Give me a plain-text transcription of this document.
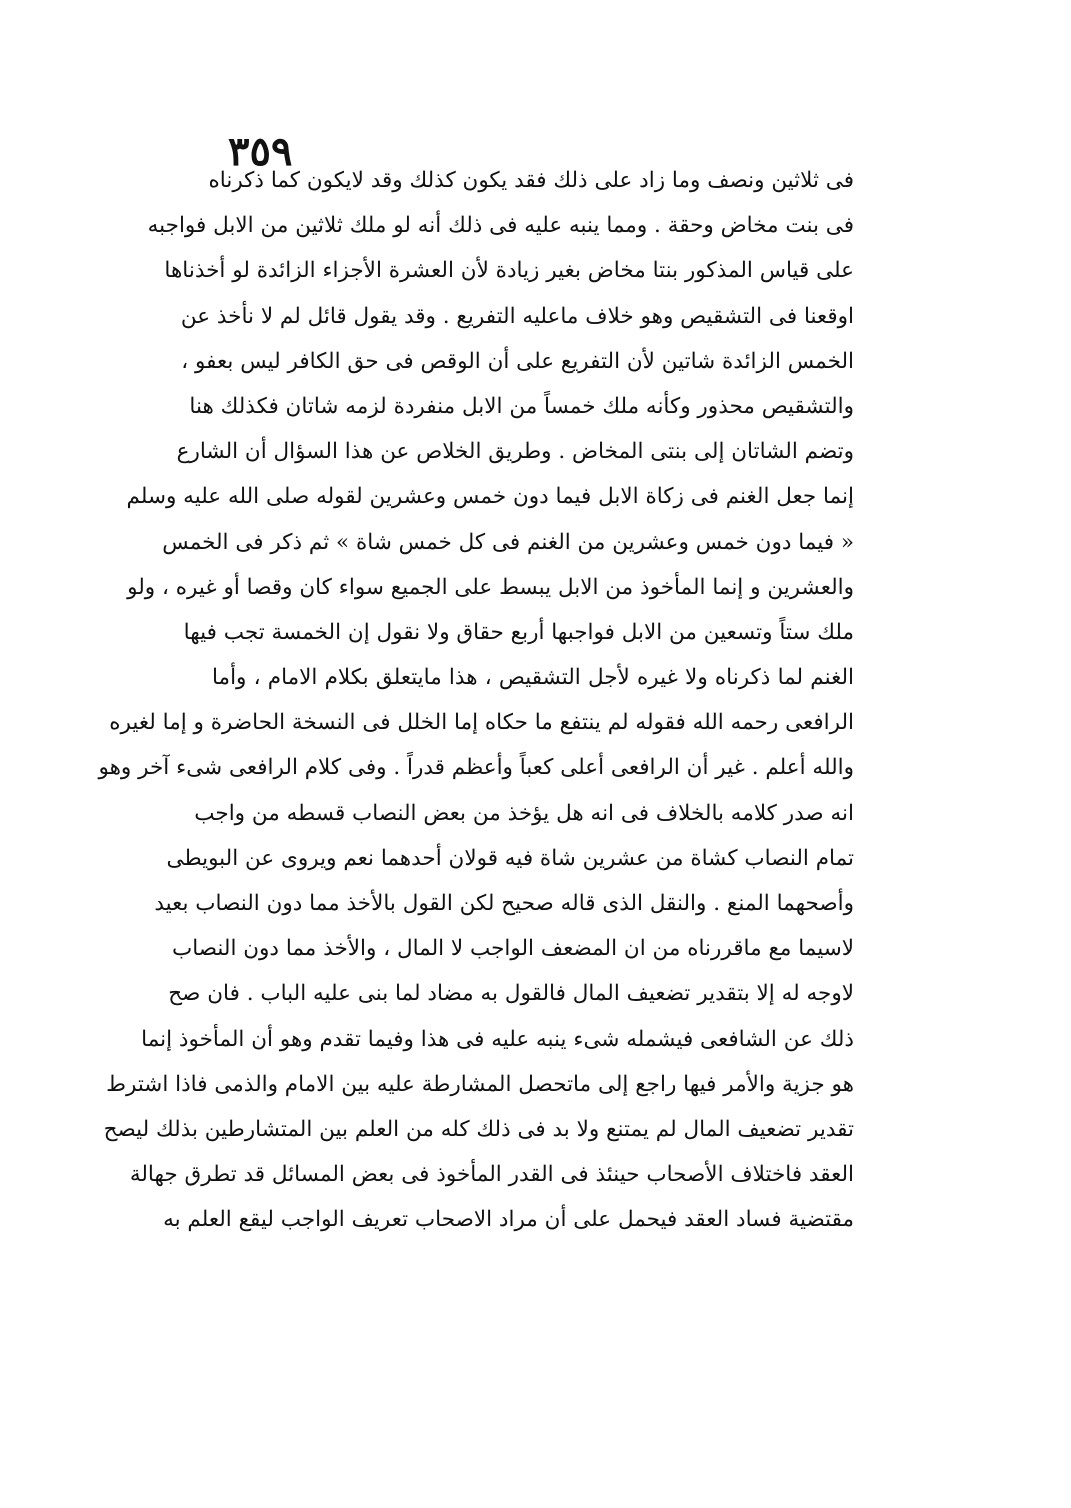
٣٥٩
فى ثلاثين ونصف وما زاد على ذلك فقد يكون كذلك وقد لايكون كما ذكرناه
فى بنت مخاض وحقة . ومما ينبه عليه فى ذلك أنه لو ملك ثلاثين من الابل فواجبه
على قياس المذكور بنتا مخاض بغير زيادة لأن العشرة الأجزاء الزائدة لو أخذناها
اوقعنا فى التشقيص وهو خلاف ماعليه التفريع . وقد يقول قائل لم لا نأخذ عن
الخمس الزائدة شاتين لأن التفريع على أن الوقص فى حق الكافر ليس بعفو ،
والتشقيص محذور وكأنه ملك خمساً من الابل منفردة لزمه شاتان فكذلك هنا
وتضم الشاتان إلى بنتى المخاض . وطريق الخلاص عن هذا السؤال أن الشارع
إنما جعل الغنم فى زكاة الابل فيما دون خمس وعشرين لقوله صلى الله عليه وسلم
« فيما دون خمس وعشرين من الغنم فى كل خمس شاة » ثم ذكر فى الخمس
والعشرين و إنما المأخوذ من الابل يبسط على الجميع سواء كان وقصا أو غيره ، ولو
ملك ستاً وتسعين من الابل فواجبها أربع حقاق ولا نقول إن الخمسة تجب فيها
الغنم لما ذكرناه ولا غيره لأجل التشقيص ، هذا مايتعلق بكلام الامام ، وأما
الرافعى رحمه الله فقوله لم ينتفع ما حكاه إما الخلل فى النسخة الحاضرة و إما لغيره
والله أعلم . غير أن الرافعى أعلى كعباً وأعظم قدراً . وفى كلام الرافعى شىء آخر وهو
انه صدر كلامه بالخلاف فى انه هل يؤخذ من بعض النصاب قسطه من واجب
تمام النصاب كشاة من عشرين شاة فيه قولان أحدهما نعم ويروى عن البويطى
وأصحهما المنع . والنقل الذى قاله صحيح لكن القول بالأخذ مما دون النصاب بعيد
لاسيما مع ماقررناه من ان المضعف الواجب لا المال ، والأخذ مما دون النصاب
لاوجه له إلا بتقدير تضعيف المال فالقول به مضاد لما بنى عليه الباب . فان صح
ذلك عن الشافعى فيشمله شىء ينبه عليه فى هذا وفيما تقدم وهو أن المأخوذ إنما
هو جزية والأمر فيها راجع إلى ماتحصل المشارطة عليه بين الامام والذمى فاذا اشترط
تقدير تضعيف المال لم يمتنع ولا بد فى ذلك كله من العلم بين المتشارطين بذلك ليصح
العقد فاختلاف الأصحاب حينئذ فى القدر المأخوذ فى بعض المسائل قد تطرق جهالة
مقتضية فساد العقد فيحمل على أن مراد الاصحاب تعريف الواجب ليقع العلم به
